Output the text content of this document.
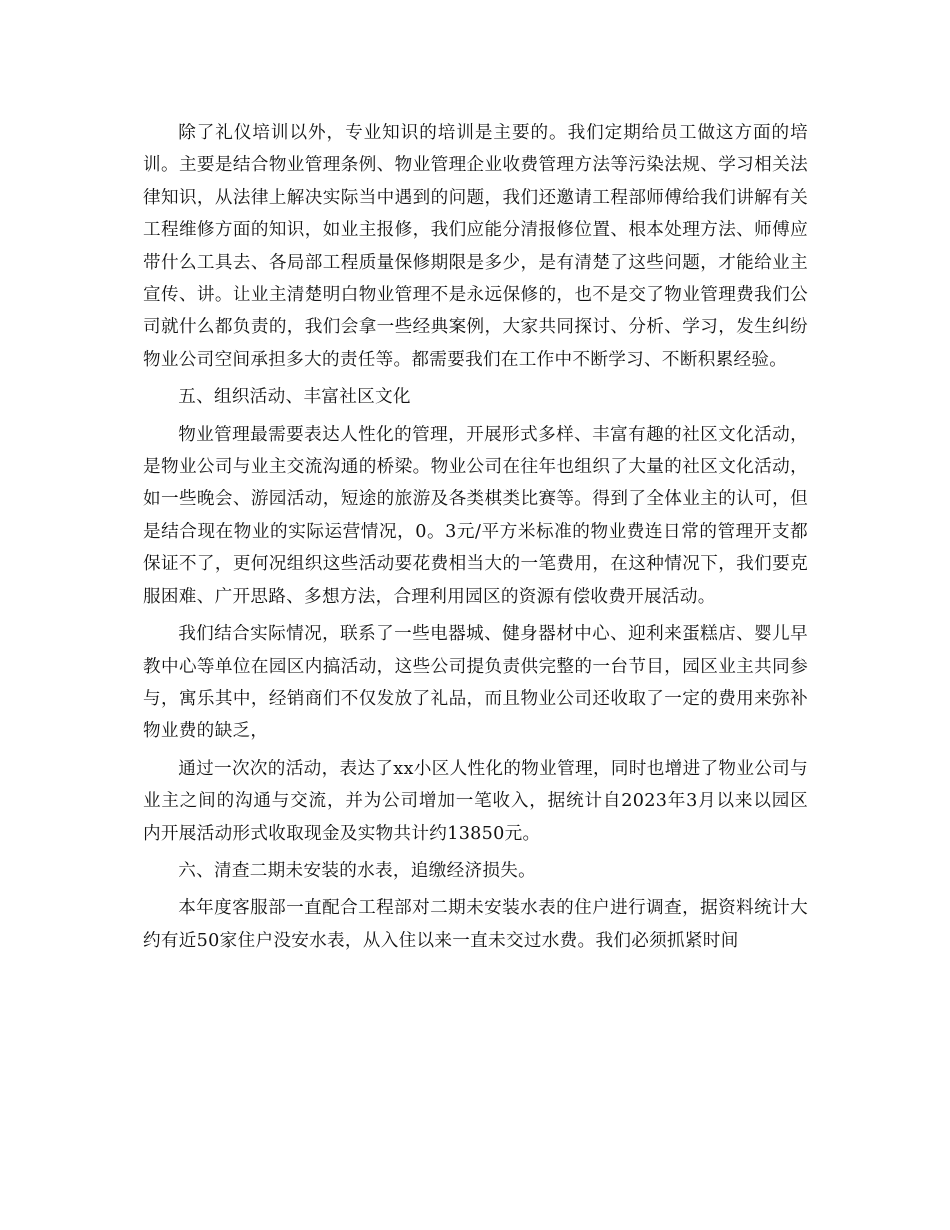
除了礼仪培训以外，专业知识的培训是主要的。我们定期给员工做这方面的培训。主要是结合物业管理条例、物业管理企业收费管理方法等污染法规、学习相关法律知识，从法律上解决实际当中遇到的问题，我们还邀请工程部师傅给我们讲解有关工程维修方面的知识，如业主报修，我们应能分清报修位置、根本处理方法、师傅应带什么工具去、各局部工程质量保修期限是多少，是有清楚了这些问题，才能给业主宣传、讲。让业主清楚明白物业管理不是永远保修的，也不是交了物业管理费我们公司就什么都负责的，我们会拿一些经典案例，大家共同探讨、分析、学习，发生纠纷物业公司空间承担多大的责任等。都需要我们在工作中不断学习、不断积累经验。

五、组织活动、丰富社区文化

物业管理最需要表达人性化的管理，开展形式多样、丰富有趣的社区文化活动，是物业公司与业主交流沟通的桥梁。物业公司在往年也组织了大量的社区文化活动，如一些晚会、游园活动，短途的旅游及各类棋类比赛等。得到了全体业主的认可，但是结合现在物业的实际运营情况，0。3元/平方米标准的物业费连日常的管理开支都保证不了，更何况组织这些活动要花费相当大的一笔费用，在这种情况下，我们要克服困难、广开思路、多想方法，合理利用园区的资源有偿收费开展活动。

我们结合实际情况，联系了一些电器城、健身器材中心、迎利来蛋糕店、婴儿早教中心等单位在园区内搞活动，这些公司提负责供完整的一台节目，园区业主共同参与，寓乐其中，经销商们不仅发放了礼品，而且物业公司还收取了一定的费用来弥补物业费的缺乏，

通过一次次的活动，表达了xx小区人性化的物业管理，同时也增进了物业公司与业主之间的沟通与交流，并为公司增加一笔收入，据统计自2023年3月以来以园区内开展活动形式收取现金及实物共计约13850元。

六、清查二期未安装的水表，追缴经济损失。

本年度客服部一直配合工程部对二期未安装水表的住户进行调查，据资料统计大约有近50家住户没安水表，从入住以来一直未交过水费。我们必须抓紧时间
